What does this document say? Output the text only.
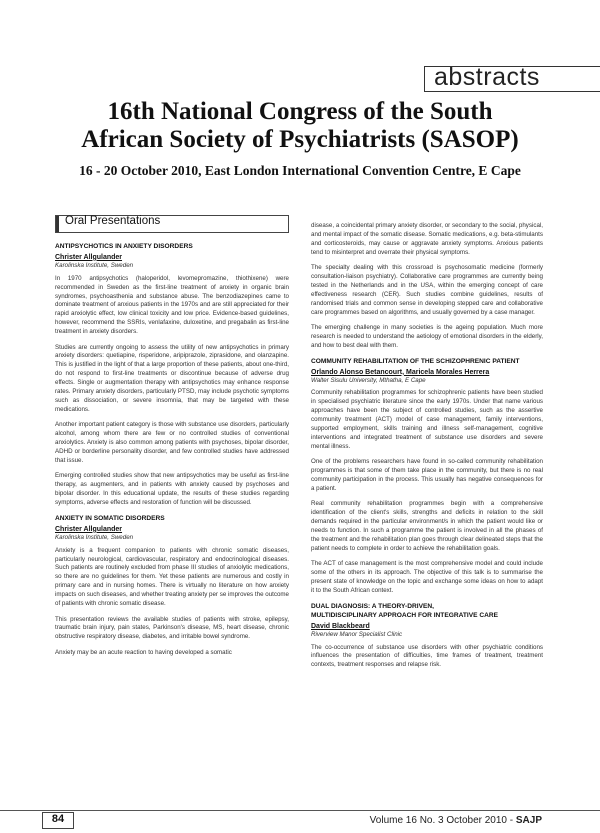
abstracts
16th National Congress of the South
African Society of Psychiatrists (SASOP)
16 - 20 October 2010, East London International Convention Centre, E Cape
Oral Presentations
ANTIPSYCHOTICS IN ANXIETY DISORDERS
Christer Allgulander
Karolinska Institute, Sweden

In 1970 antipsychotics (haloperidol, levomepromazine, thiothixene) were recommended in Sweden as the first-line treatment of anxiety in organic brain syndromes, psychoasthenia and substance abuse. The benzodiazepines came to dominate treatment of anxious patients in the 1970s and are still appreciated for their rapid anxiolytic effect, low clinical toxicity and low price. Evidence-based guidelines, however, recommend the SSRIs, venlafaxine, duloxetine, and pregabalin as first-line treatment in anxiety disorders.

Studies are currently ongoing to assess the utility of new antipsychotics in primary anxiety disorders: quetiapine, risperidone, aripiprazole, ziprasidone, and olanzapine. This is justified in the light of that a large proportion of these patients, about one-third, do not respond to first-line treatments or discontinue because of adverse drug effects. Single or augmentation therapy with antipsychotics may enhance response rates. Primary anxiety disorders, particularly PTSD, may include psychotic symptoms such as dissociation, or severe insomnia, that may be targeted with these medications.

Another important patient category is those with substance use disorders, particularly alcohol, among whom there are few or no controlled studies of conventional anxiolytics. Anxiety is also common among patients with psychoses, bipolar disorder, ADHD or borderline personality disorder, and few controlled studies have addressed that issue.

Emerging controlled studies show that new antipsychotics may be useful as first-line therapy, as augmenters, and in patients with anxiety caused by psychoses and bipolar disorder. In this educational update, the results of these studies regarding symptoms, adverse effects and restoration of function will be discussed.

ANXIETY IN SOMATIC DISORDERS
Christer Allgulander
Karolinska Institute, Sweden

Anxiety is a frequent companion to patients with chronic somatic diseases, particularly neurological, cardiovascular, respiratory and endocrinological diseases. Such patients are routinely excluded from phase III studies of anxiolytic medications, so there are no guidelines for them. Yet these patients are numerous and costly in primary care and in nursing homes. There is virtually no literature on how anxiety impacts on such diseases, and whether treating anxiety per se improves the outcome of patients with chronic somatic disease.

This presentation reviews the available studies of patients with stroke, epilepsy, traumatic brain injury, pain states, Parkinson's disease, MS, heart disease, chronic obstructive respiratory disease, diabetes, and irritable bowel syndrome.

Anxiety may be an acute reaction to having developed a somatic

disease, a coincidental primary anxiety disorder, or secondary to the social, physical, and mental impact of the somatic disease. Somatic medications, e.g. beta-stimulants and corticosteroids, may cause or aggravate anxiety symptoms. Anxious patients tend to misinterpret and overrate their physical symptoms.

The specialty dealing with this crossroad is psychosomatic medicine (formerly consultation-liaison psychiatry). Collaborative care programmes are currently being tested in the Netherlands and in the USA, within the emerging concept of care effectiveness research (CER). Such studies combine guidelines, results of randomised trials and common sense in developing stepped care and collaborative care programmes based on algorithms, and usually governed by a case manager.

The emerging challenge in many societies is the ageing population. Much more research is needed to understand the aetiology of emotional disorders in the elderly, and how to best deal with them.

COMMUNITY REHABILITATION OF THE SCHIZOPHRENIC PATIENT
Orlando Alonso Betancourt, Maricela Morales Herrera
Walter Sisulu University, Mthatha, E Cape

Community rehabilitation programmes for schizophrenic patients have been studied in specialised psychiatric literature since the early 1970s. Under that name various approaches have been the subject of controlled studies, such as the assertive community treatment (ACT) model of case management, family interventions, supported employment, skills training and illness self-management, cognitive interventions and integrated treatment of substance use disorders and severe mental illness.

One of the problems researchers have found in so-called community rehabilitation programmes is that some of them take place in the community, but there is no real community participation in the process. This usually has negative consequences for a patient.

Real community rehabilitation programmes begin with a comprehensive identification of the client's skills, strengths and deficits in relation to the skill demands required in the particular environment/s in which the patient would like or needs to function. In such a programme the patient is involved in all the phases of the treatment and the rehabilitation plan goes through clear delineated steps that the patient needs to complete in order to achieve the rehabilitation goals.

The ACT of case management is the most comprehensive model and could include some of the others in its approach. The objective of this talk is to summarise the present state of knowledge on the topic and exchange some ideas on how to adapt it to the South African context.

DUAL DIAGNOSIS: A THEORY-DRIVEN,
MULTIDISCIPLINARY APPROACH FOR INTEGRATIVE CARE
David Blackbeard
Riverview Manor Specialist Clinic

The co-occurrence of substance use disorders with other psychiatric conditions influences the presentation of difficulties, time frames of treatment, treatment contexts, treatment responses and relapse risk.

84	Volume 16 No. 3 October 2010 - SAJP
